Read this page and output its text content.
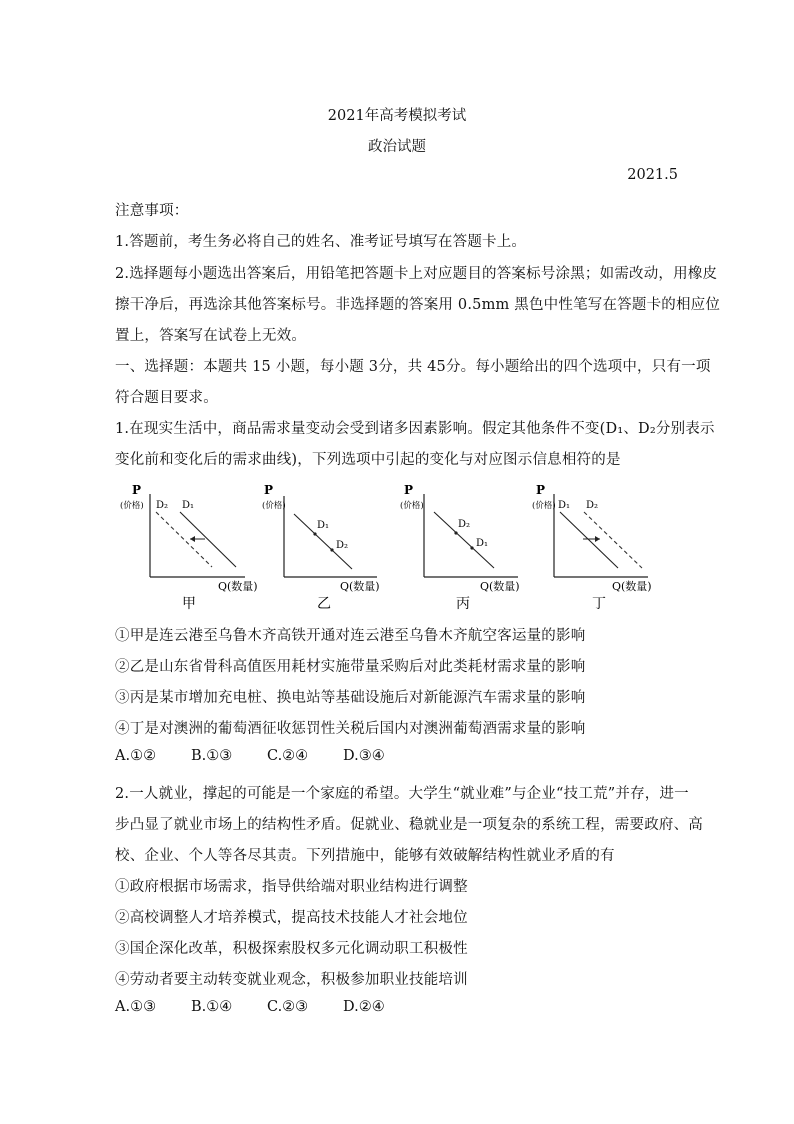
2021年高考模拟考试
政治试题
2021.5
注意事项：
1.答题前，考生务必将自己的姓名、准考证号填写在答题卡上。
2.选择题每小题选出答案后，用铅笔把答题卡上对应题目的答案标号涂黑；如需改动，用橡皮
擦干净后，再选涂其他答案标号。非选择题的答案用 0.5mm 黑色中性笔写在答题卡的相应位
置上，答案写在试卷上无效。
一、选择题：本题共 15 小题，每小题 3分，共 45分。每小题给出的四个选项中，只有一项
符合题目要求。
1.在现实生活中，商品需求量变动会受到诸多因素影响。假定其他条件不变(D₁、D₂分别表示
变化前和变化后的需求曲线)，下列选项中引起的变化与对应图示信息相符的是
P
(价格)
Q(数量)
D₂ D₁
甲
P
(价格)
Q(数量)
D₁
D₂
乙
P
(价格)
Q(数量)
D₂
D₁
丙
P
(价格)
Q(数量)
D₁ D₂
丁
①甲是连云港至乌鲁木齐高铁开通对连云港至乌鲁木齐航空客运量的影响
②乙是山东省骨科高值医用耗材实施带量采购后对此类耗材需求量的影响
③丙是某市增加充电桩、换电站等基础设施后对新能源汽车需求量的影响
④丁是对澳洲的葡萄酒征收惩罚性关税后国内对澳洲葡萄酒需求量的影响
A.①② B.①③ C.②④ D.③④
2.一人就业，撑起的可能是一个家庭的希望。大学生“就业难”与企业“技工荒”并存，进一
步凸显了就业市场上的结构性矛盾。促就业、稳就业是一项复杂的系统工程，需要政府、高
校、企业、个人等各尽其责。下列措施中，能够有效破解结构性就业矛盾的有
①政府根据市场需求，指导供给端对职业结构进行调整
②高校调整人才培养模式，提高技术技能人才社会地位
③国企深化改革，积极探索股权多元化调动职工积极性
④劳动者要主动转变就业观念，积极参加职业技能培训
A.①③ B.①④ C.②③ D.②④
